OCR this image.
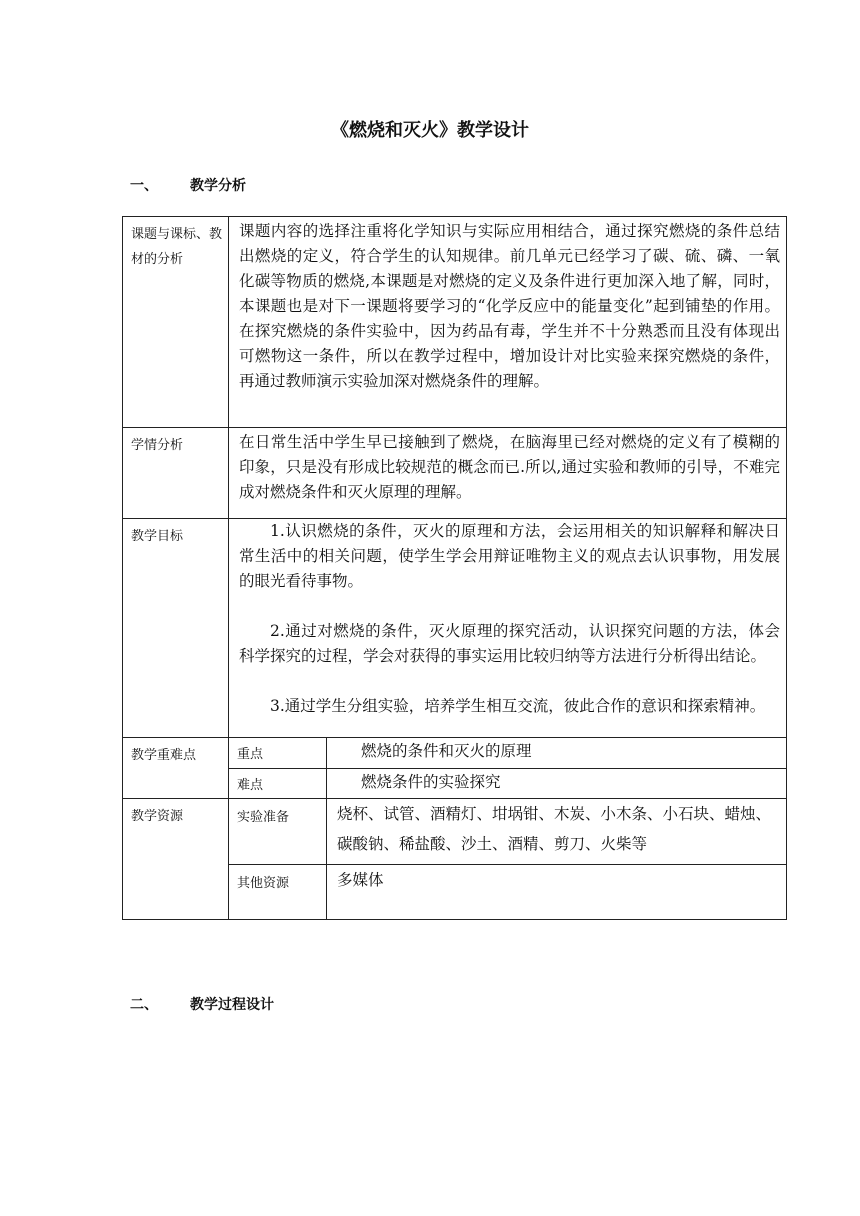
《燃烧和灭火》教学设计
一、 教学分析
课题与课标、教材的分析	课题内容的选择注重将化学知识与实际应用相结合，通过探究燃烧的条件总结出燃烧的定义，符合学生的认知规律。前几单元已经学习了碳、硫、磷、一氧化碳等物质的燃烧,本课题是对燃烧的定义及条件进行更加深入地了解，同时，本课题也是对下一课题将要学习的“化学反应中的能量变化”起到铺垫的作用。在探究燃烧的条件实验中，因为药品有毒，学生并不十分熟悉而且没有体现出可燃物这一条件，所以在教学过程中，增加设计对比实验来探究燃烧的条件，再通过教师演示实验加深对燃烧条件的理解。	
学情分析	在日常生活中学生早已接触到了燃烧，在脑海里已经对燃烧的定义有了模糊的印象，只是没有形成比较规范的概念而已.所以,通过实验和教师的引导，不难完成对燃烧条件和灭火原理的理解。	
教学目标	1.认识燃烧的条件，灭火的原理和方法，会运用相关的知识解释和解决日常生活中的相关问题，使学生学会用辩证唯物主义的观点去认识事物，用发展的眼光看待事物。

2.通过对燃烧的条件，灭火原理的探究活动，认识探究问题的方法，体会科学探究的过程，学会对获得的事实运用比较归纳等方法进行分析得出结论。

3.通过学生分组实验，培养学生相互交流，彼此合作的意识和探索精神。	

教学重难点	重点	燃烧的条件和灭火的原理
	难点	燃烧条件的实验探究
教学资源	实验准备	烧杯、试管、酒精灯、坩埚钳、木炭、小木条、小石块、蜡烛、碳酸钠、稀盐酸、沙土、酒精、剪刀、火柴等
	其他资源	多媒体
二、 教学过程设计
